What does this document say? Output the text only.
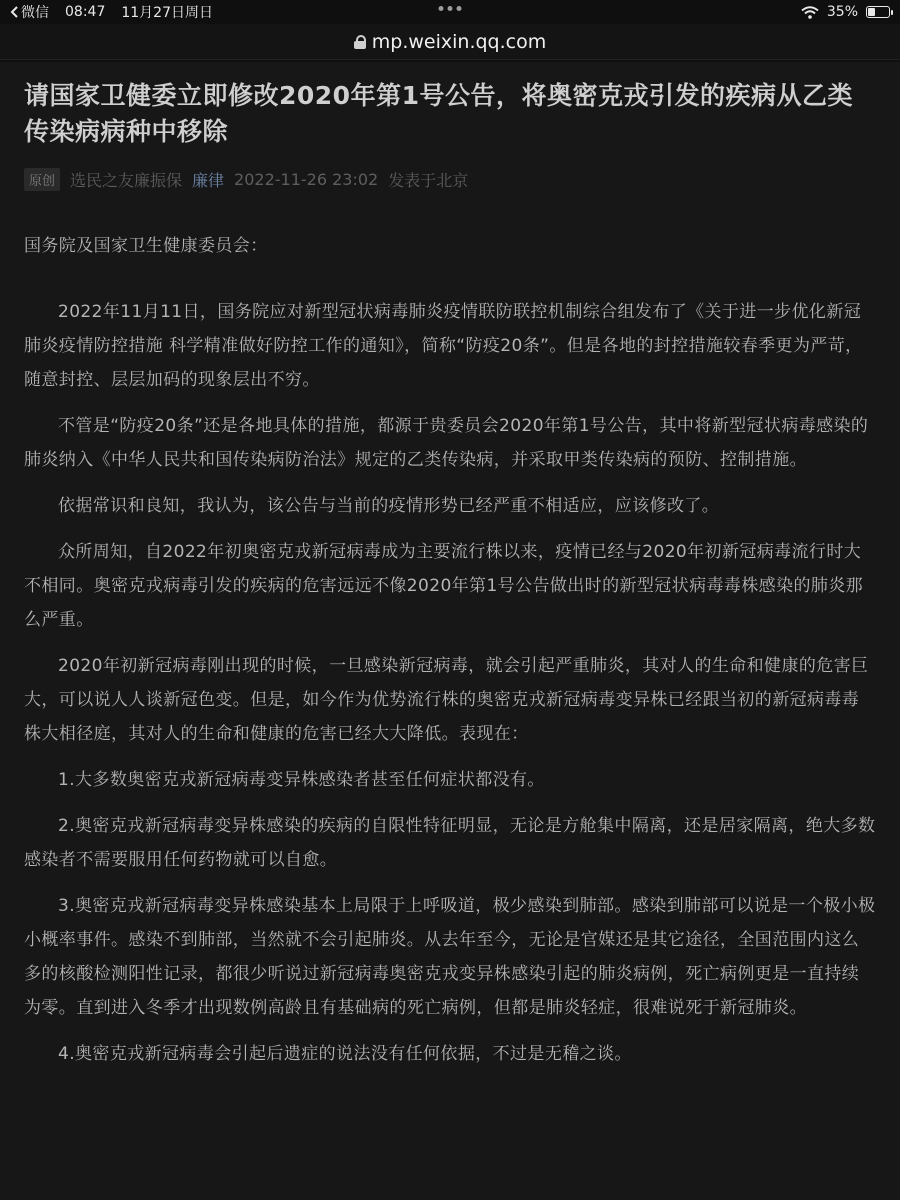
微信 08:47 11月27日周日	35%
mp.weixin.qq.com
请国家卫健委立即修改2020年第1号公告，将奥密克戎引发的疾病从乙类传染病病种中移除
原创 选民之友廉振保 廉律 2022-11-26 23:02 发表于北京

国务院及国家卫生健康委员会：

2022年11月11日，国务院应对新型冠状病毒肺炎疫情联防联控机制综合组发布了《关于进一步优化新冠肺炎疫情防控措施 科学精准做好防控工作的通知》，简称“防疫20条”。但是各地的封控措施较春季更为严苛，随意封控、层层加码的现象层出不穷。

不管是“防疫20条”还是各地具体的措施，都源于贵委员会2020年第1号公告，其中将新型冠状病毒感染的肺炎纳入《中华人民共和国传染病防治法》规定的乙类传染病，并采取甲类传染病的预防、控制措施。

依据常识和良知，我认为，该公告与当前的疫情形势已经严重不相适应，应该修改了。

众所周知，自2022年初奥密克戎新冠病毒成为主要流行株以来，疫情已经与2020年初新冠病毒流行时大不相同。奥密克戎病毒引发的疾病的危害远远不像2020年第1号公告做出时的新型冠状病毒毒株感染的肺炎那么严重。

2020年初新冠病毒刚出现的时候，一旦感染新冠病毒，就会引起严重肺炎，其对人的生命和健康的危害巨大，可以说人人谈新冠色变。但是，如今作为优势流行株的奥密克戎新冠病毒变异株已经跟当初的新冠病毒毒株大相径庭，其对人的生命和健康的危害已经大大降低。表现在：

1.大多数奥密克戎新冠病毒变异株感染者甚至任何症状都没有。

2.奥密克戎新冠病毒变异株感染的疾病的自限性特征明显，无论是方舱集中隔离，还是居家隔离，绝大多数感染者不需要服用任何药物就可以自愈。

3.奥密克戎新冠病毒变异株感染基本上局限于上呼吸道，极少感染到肺部。感染到肺部可以说是一个极小极小概率事件。感染不到肺部，当然就不会引起肺炎。从去年至今，无论是官媒还是其它途径，全国范围内这么多的核酸检测阳性记录，都很少听说过新冠病毒奥密克戎变异株感染引起的肺炎病例，死亡病例更是一直持续为零。直到进入冬季才出现数例高龄且有基础病的死亡病例，但都是肺炎轻症，很难说死于新冠肺炎。

4.奥密克戎新冠病毒会引起后遗症的说法没有任何依据，不过是无稽之谈。
